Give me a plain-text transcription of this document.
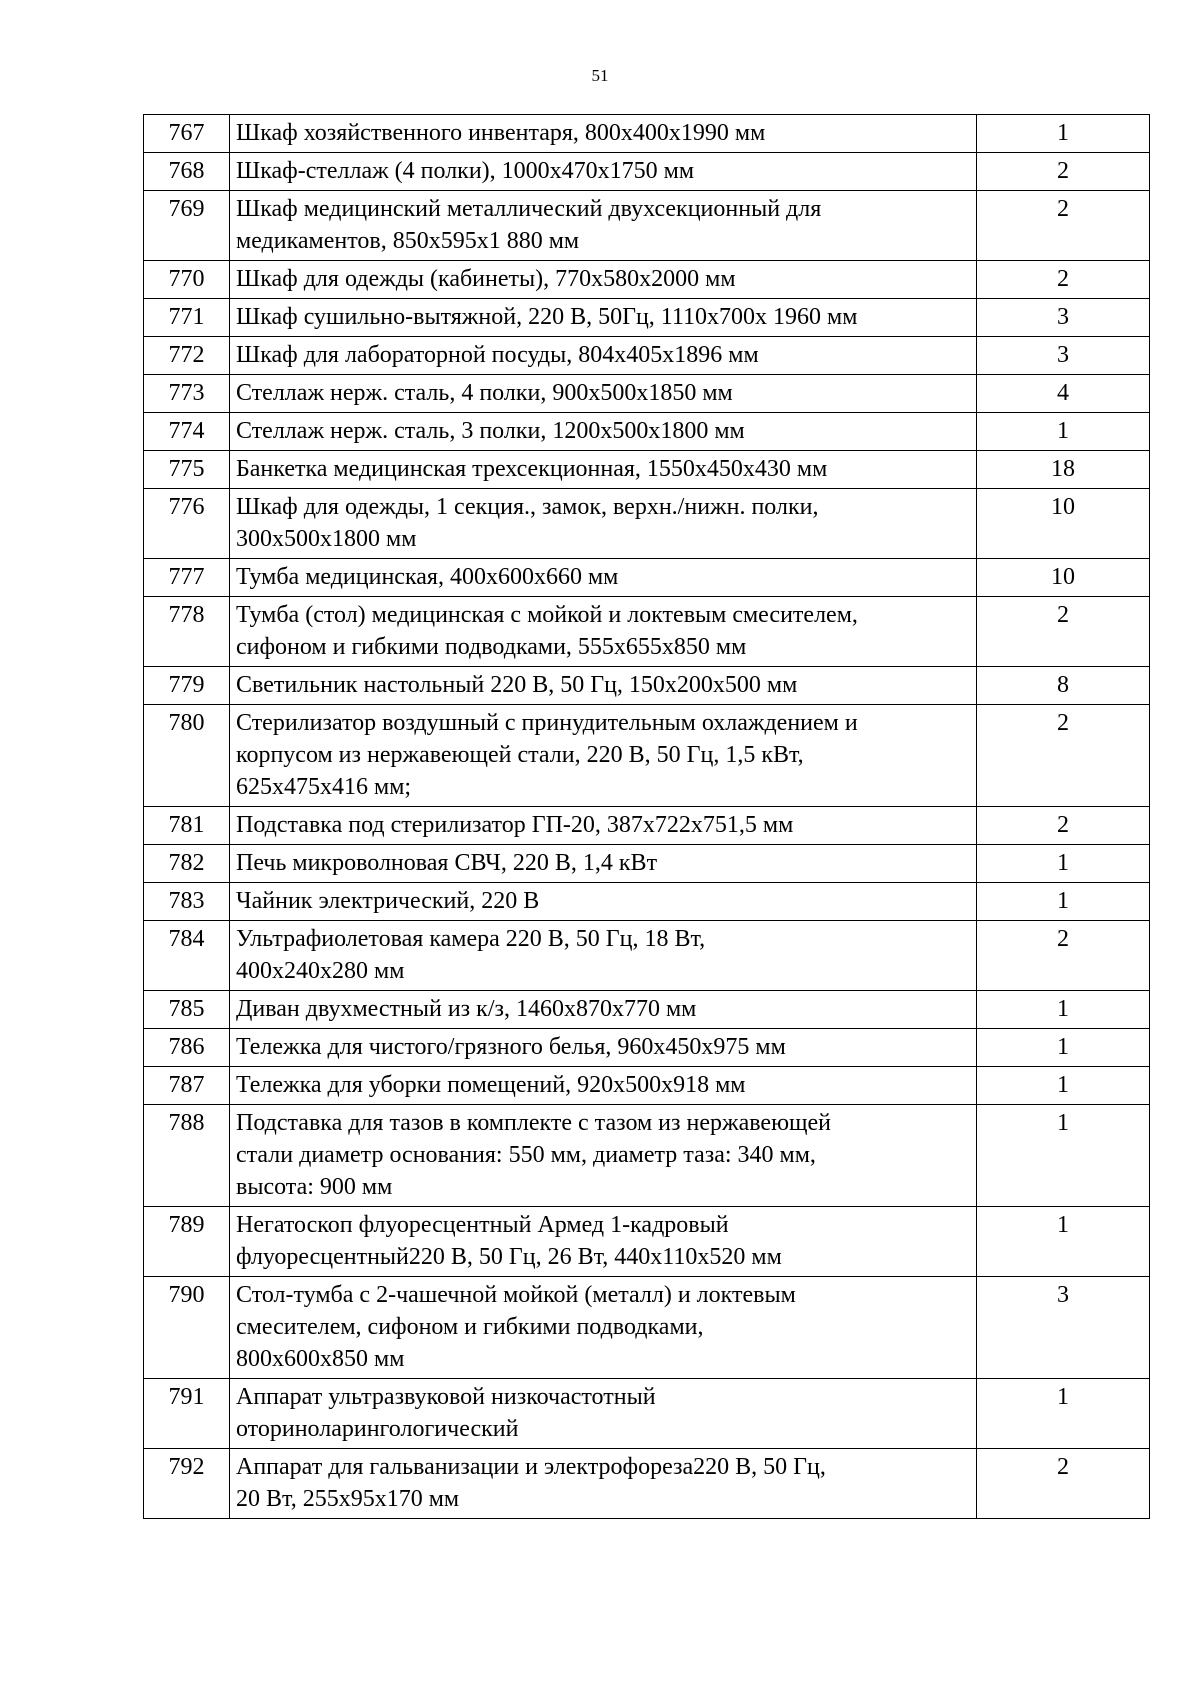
51
767	Шкаф хозяйственного инвентаря, 800х400х1990 мм	1
768	Шкаф-стеллаж (4 полки), 1000х470х1750 мм	2
769	Шкаф медицинский металлический двухсекционный для
медикаментов, 850х595х1 880 мм	2
770	Шкаф для одежды (кабинеты), 770х580х2000 мм	2
771	Шкаф сушильно-вытяжной, 220 В, 50Гц, 1110х700х 1960 мм	3
772	Шкаф для лабораторной посуды, 804х405х1896 мм	3
773	Стеллаж нерж. сталь, 4 полки, 900х500х1850 мм	4
774	Стеллаж нерж. сталь, 3 полки, 1200х500х1800 мм	1
775	Банкетка медицинская трехсекционная, 1550х450х430 мм	18
776	Шкаф для одежды, 1 секция., замок, верхн./нижн. полки,
300х500х1800 мм	10
777	Тумба медицинская, 400х600х660 мм	10
778	Тумба (стол) медицинская с мойкой и локтевым смесителем,
сифоном и гибкими подводками, 555х655х850 мм	2
779	Светильник настольный 220 В, 50 Гц, 150х200х500 мм	8
780	Стерилизатор воздушный с принудительным охлаждением и
корпусом из нержавеющей стали, 220 В, 50 Гц, 1,5 кВт,
625х475х416 мм;	2
781	Подставка под стерилизатор ГП-20, 387х722х751,5 мм	2
782	Печь микроволновая СВЧ, 220 В, 1,4 кВт	1
783	Чайник электрический, 220 В	1
784	Ультрафиолетовая камера 220 В, 50 Гц, 18 Вт,
400х240х280 мм	2
785	Диван двухместный из к/з, 1460х870х770 мм	1
786	Тележка для чистого/грязного белья, 960х450х975 мм	1
787	Тележка для уборки помещений, 920х500х918 мм	1
788	Подставка для тазов в комплекте с тазом из нержавеющей
стали диаметр основания: 550 мм, диаметр таза: 340 мм,
высота: 900 мм	1
789	Негатоскоп флуоресцентный Армед 1-кадровый
флуоресцентный220 В, 50 Гц, 26 Вт, 440х110х520 мм	1
790	Стол-тумба с 2-чашечной мойкой (металл) и локтевым
смесителем, сифоном и гибкими подводками,
800х600х850 мм	3
791	Аппарат ультразвуковой низкочастотный
оториноларингологический	1
792	Аппарат для гальванизации и электрофореза220 В, 50 Гц,
20 Вт, 255х95х170 мм	2
